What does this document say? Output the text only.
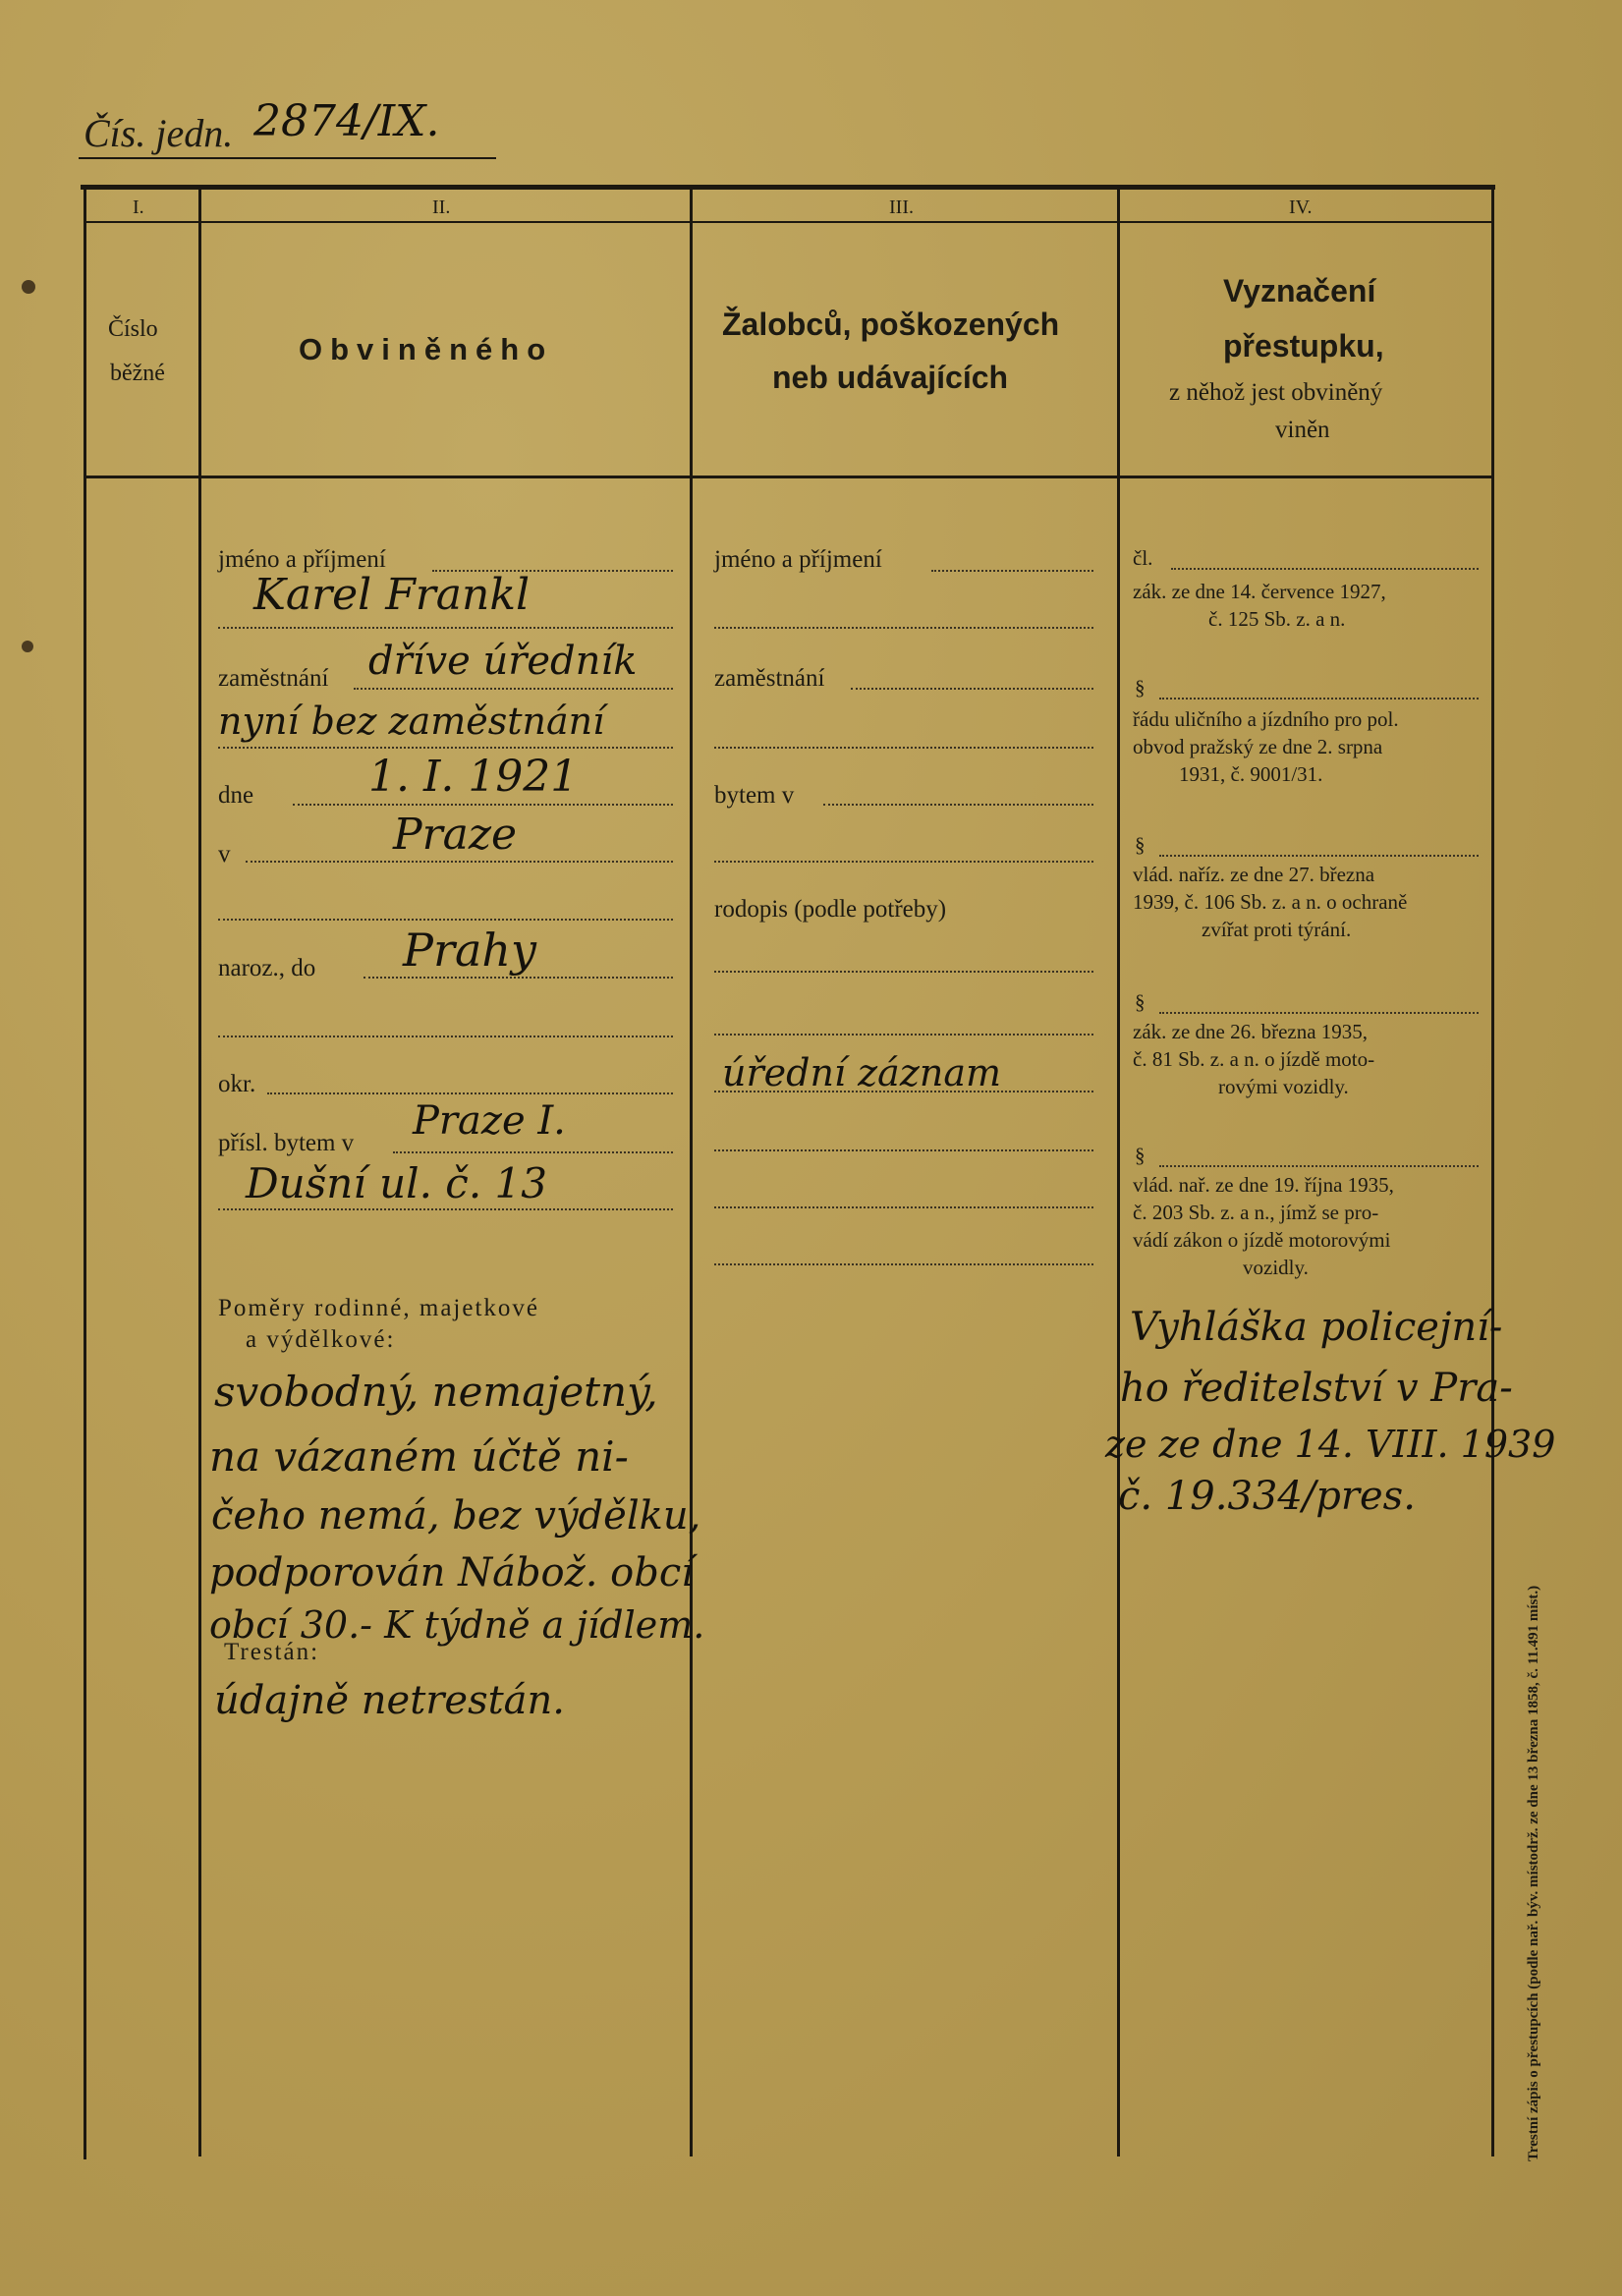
Čís. jedn. 2874/IX.
I.	II.	III.	IV.
Číslo
běžné
Obviněného
Žalobců, poškozených
neb udávajících
Vyznačení
přestupku,
z něhož jest obviněný
viněn
jméno a příjmení
Karel Frankl
zaměstnání dříve úředník
nyní bez zaměstnání
dne	1. I. 1921
v	Praze
naroz., do Prahy
okr.
přísl. bytem v Praze I.
Dušní ul. č. 13
Poměry rodinné, majetkové
a výdělkové:
svobodný, nemajetný,
na vázaném účtě ni-
čeho nemá, bez výdělku,
podporován Nábož. obcí
obcí 30.- K týdně a jídlem.
Trestán:
údajně netrestán.
jméno a příjmení
zaměstnání
bytem v
rodopis (podle potřeby)
úřední záznam
čl.
zák. ze dne 14. července 1927,
č. 125 Sb. z. a n.
§
řádu uličního a jízdního pro pol.
obvod pražský ze dne 2. srpna
1931, č. 9001/31.
§
vlád. naříz. ze dne 27. března
1939, č. 106 Sb. z. a n. o ochraně
zvířat proti týrání.
§
zák. ze dne 26. března 1935,
č. 81 Sb. z. a n. o jízdě moto-
rovými vozidly.
§
vlád. nař. ze dne 19. října 1935,
č. 203 Sb. z. a n., jímž se pro-
vádí zákon o jízdě motorovými
vozidly.
Vyhláška policejní-
ho ředitelství v Pra-
ze ze dne 14. VIII. 1939
č. 19.334/pres.
Trestní zápis o přestupcích (podle nař. býv. místodrž. ze dne 13 března 1858, č. 11.491 míst.)
